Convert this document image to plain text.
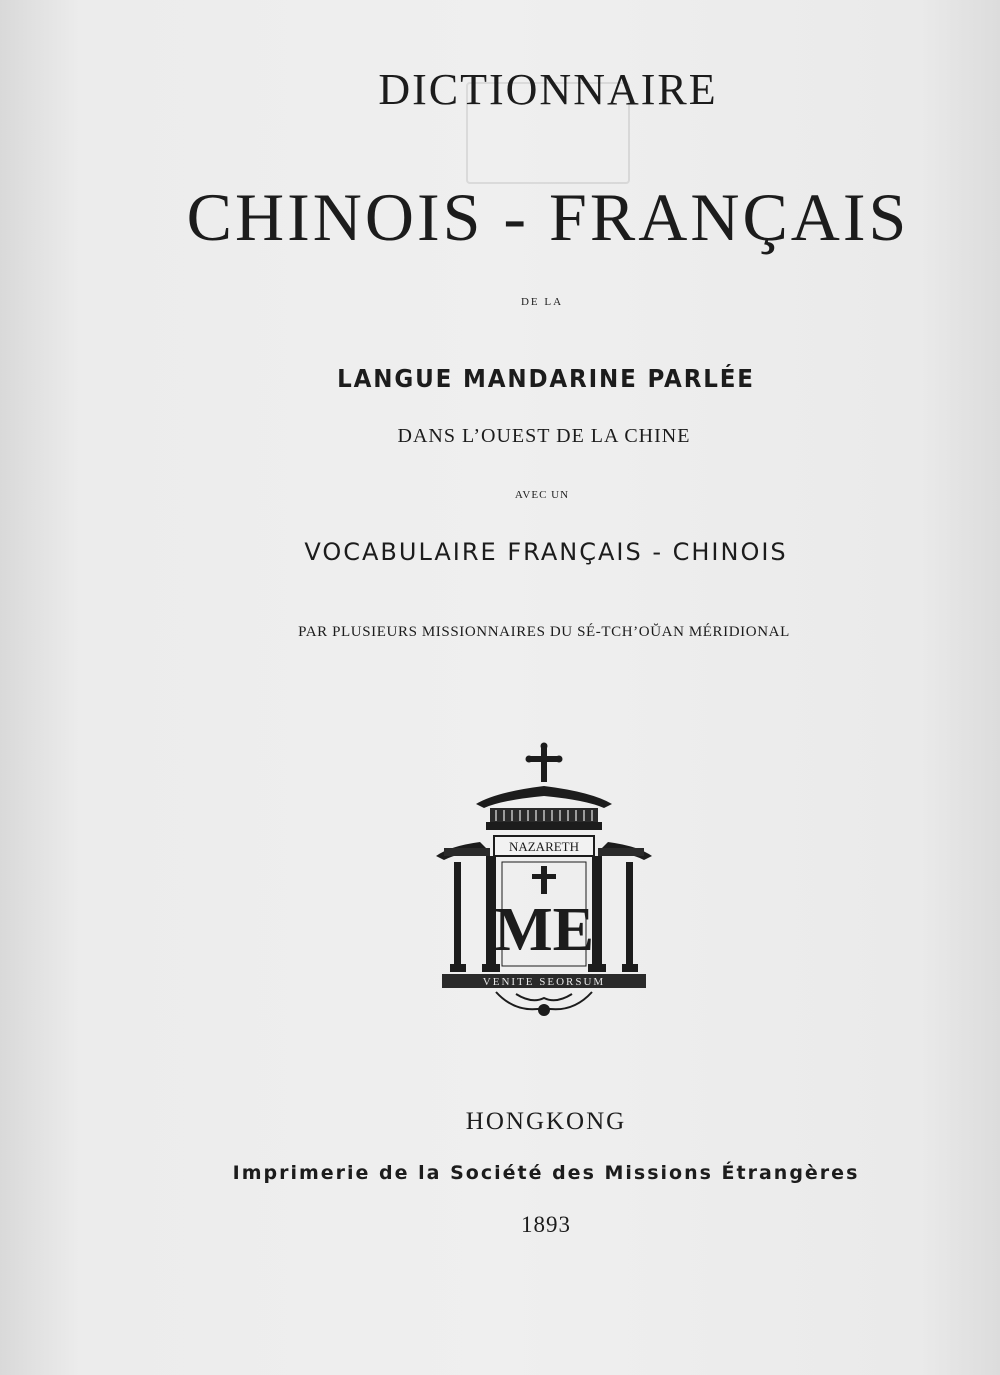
DICTIONNAIRE
CHINOIS - FRANÇAIS
DE LA
LANGUE MANDARINE PARLÉE
DANS L’OUEST DE LA CHINE
AVEC UN
VOCABULAIRE FRANÇAIS - CHINOIS
PAR PLUSIEURS MISSIONNAIRES DU SÉ-TCH’OŬAN MÉRIDIONAL
NAZARETH
ME
VENITE SEORSUM
HONGKONG
Imprimerie de la Société des Missions Étrangères
1893
